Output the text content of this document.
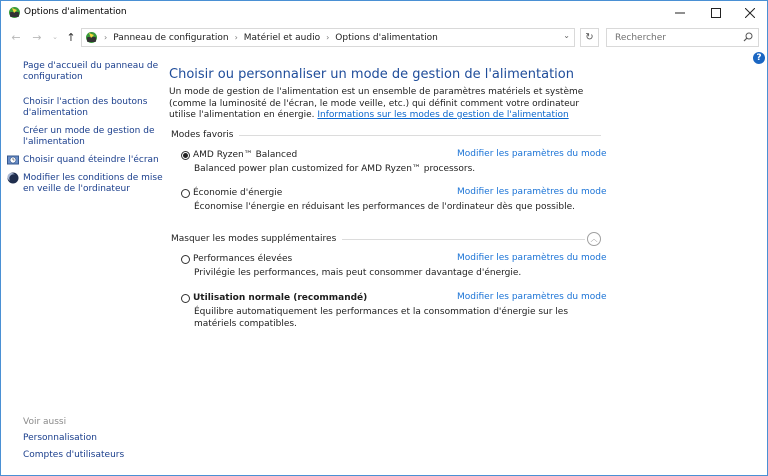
Options d'alimentation
← → ⌄ ↑	› Panneau de configuration › Matériel et audio › Options d'alimentation	⌄ ↻
Rechercher
?
Page d'accueil du panneau de configuration
Choisir l'action des boutons d'alimentation
Créer un mode de gestion de l'alimentation
Choisir quand éteindre l'écran
Modifier les conditions de mise en veille de l'ordinateur
Voir aussi
Personnalisation
Comptes d'utilisateurs
Choisir ou personnaliser un mode de gestion de l'alimentation
Un mode de gestion de l'alimentation est un ensemble de paramètres matériels et système (comme la luminosité de l'écran, le mode veille, etc.) qui définit comment votre ordinateur utilise l'alimentation en énergie. Informations sur les modes de gestion de l'alimentation
Modes favoris
AMD Ryzen™ Balanced	Modifier les paramètres du mode
Balanced power plan customized for AMD Ryzen™ processors.
Économie d'énergie	Modifier les paramètres du mode
Économise l'énergie en réduisant les performances de l'ordinateur dès que possible.
Masquer les modes supplémentaires	︿
Performances élevées	Modifier les paramètres du mode
Privilégie les performances, mais peut consommer davantage d'énergie.
Utilisation normale (recommandé)	Modifier les paramètres du mode
Équilibre automatiquement les performances et la consommation d'énergie sur les matériels compatibles.
